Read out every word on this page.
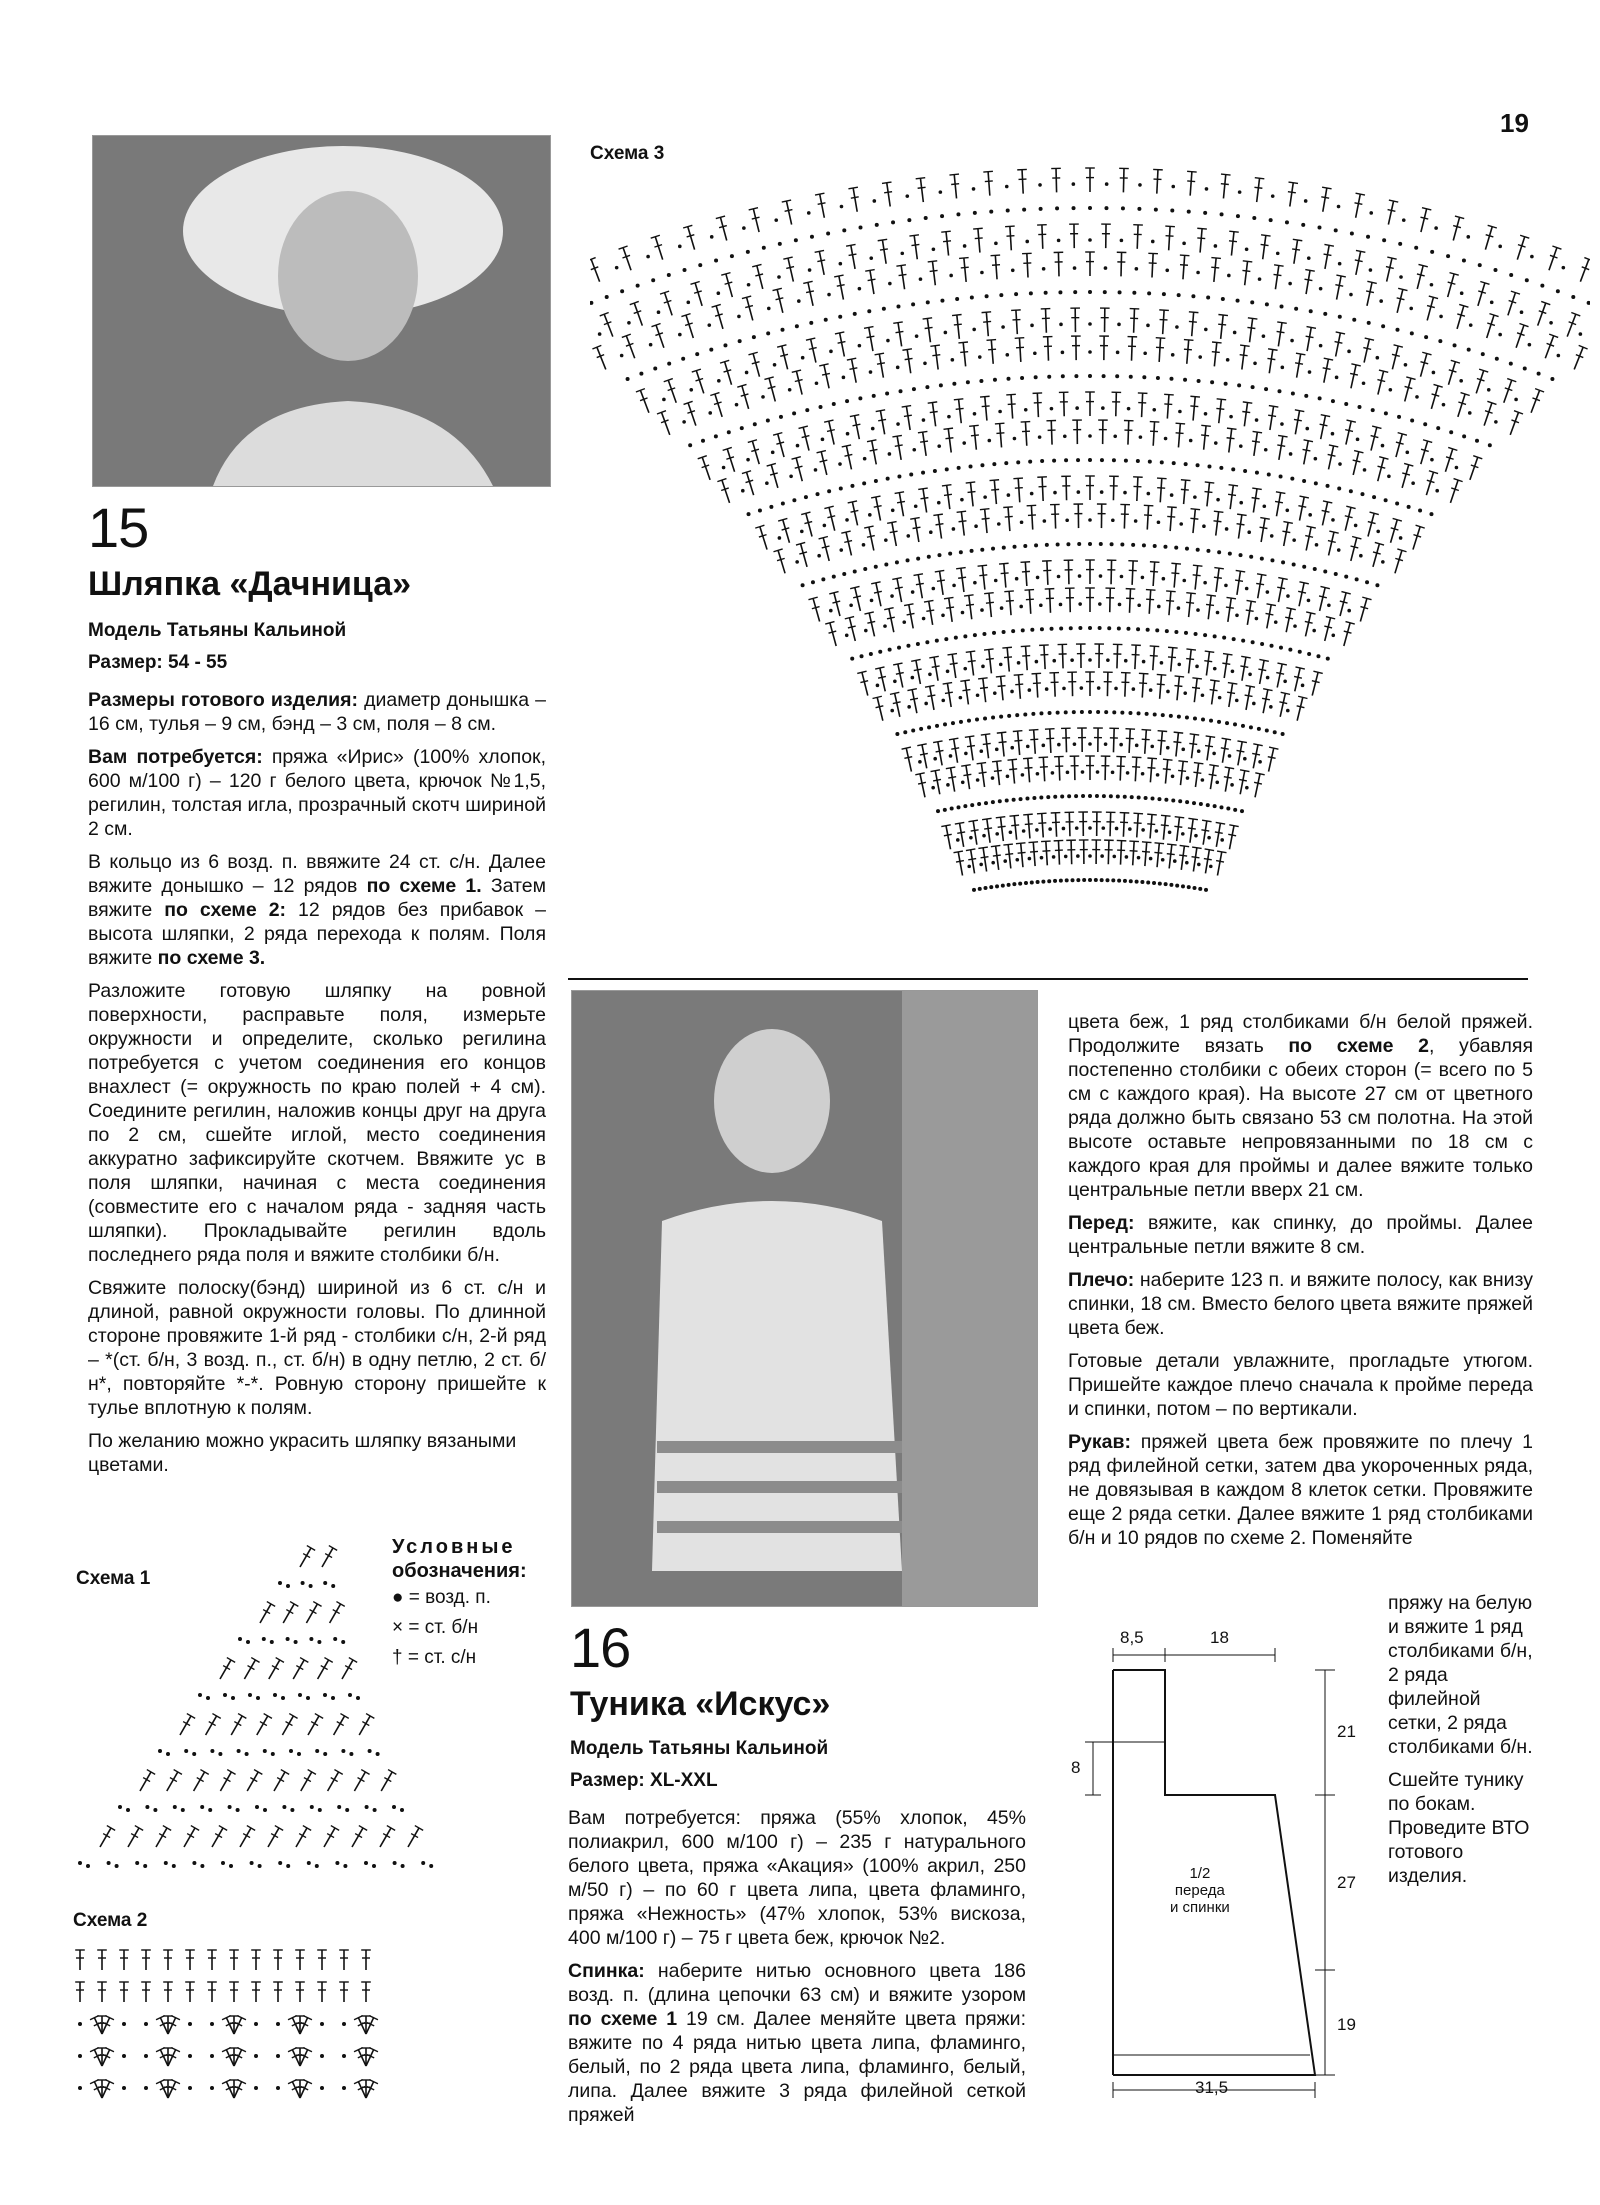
19
Схема 3
15
Шляпка «Дачница»
Модель Татьяны Кальиной
Размер: 54 - 55

Размеры готового изделия: диаметр донышка – 16 см, тулья – 9 см, бэнд – 3 см, поля – 8 см.

Вам потребуется: пряжа «Ирис» (100% хлопок, 600 м/100 г) – 120 г белого цвета, крючок №1,5, регилин, толстая игла, прозрачный скотч шириной 2 см.

В кольцо из 6 возд. п. ввяжите 24 ст. с/н. Далее вяжите донышко – 12 рядов по схеме 1. Затем вяжите по схеме 2: 12 рядов без прибавок – высота шляпки, 2 ряда перехода к полям. Поля вяжите по схеме 3.

Разложите готовую шляпку на ровной поверхности, расправьте поля, измерьте окружности и определите, сколько регилина потребуется с учетом соединения его концов внахлест (= окружность по краю полей + 4 см). Соедините регилин, наложив концы друг на друга по 2 см, сшейте иглой, место соединения аккуратно зафиксируйте скотчем. Ввяжите ус в поля шляпки, начиная с места соединения (совместите его с началом ряда - задняя часть шляпки). Прокладывайте регилин вдоль последнего ряда поля и вяжите столбики б/н.

Свяжите полоску(бэнд) шириной из 6 ст. с/н и длиной, равной окружности головы. По длинной стороне провяжите 1-й ряд - столбики с/н, 2-й ряд – *(ст. б/н, 3 возд. п., ст. б/н) в одну петлю, 2 ст. б/н*, повторяйте *-*. Ровную сторону пришейте к тулье вплотную к полям.

По желанию можно украсить шляпку вязаными цветами.

Схема 1
Условные
обозначения:
● = возд. п.
× = ст. б/н
† = ст. с/н
Схема 2
16
Туника «Искус»
Модель Татьяны Кальиной
Размер: XL-XXL

Вам потребуется: пряжа (55% хлопок, 45% полиакрил, 600 м/100 г) – 235 г натурального белого цвета, пряжа «Акация» (100% акрил, 250 м/50 г) – по 60 г цвета липа, цвета фламинго, пряжа «Нежность» (47% хлопок, 53% вискоза, 400 м/100 г) – 75 г цвета беж, крючок №2.

Спинка: наберите нитью основного цвета 186 возд. п. (длина цепочки 63 см) и вяжите узором по схеме 1 19 см. Далее меняйте цвета пряжи: вяжите по 4 ряда нитью цвета липа, фламинго, белый, по 2 ряда цвета липа, фламинго, белый, липа. Далее вяжите 3 ряда филейной сеткой пряжей

цвета беж, 1 ряд столбиками б/н белой пряжей. Продолжите вязать по схеме 2, убавляя постепенно столбики с обеих сторон (= всего по 5 см с каждого края). На высоте 27 см от цветного ряда должно быть связано 53 см полотна. На этой высоте оставьте непровязанными по 18 см с каждого края для проймы и далее вяжите только центральные петли вверх 21 см.

Перед: вяжите, как спинку, до проймы. Далее центральные петли вяжите 8 см.

Плечо: наберите 123 п. и вяжите полосу, как внизу спинки, 18 см. Вместо белого цвета вяжите пряжей цвета беж.

Готовые детали увлажните, прогладьте утюгом. Пришейте каждое плечо сначала к пройме переда и спинки, потом – по вертикали.

Рукав: пряжей цвета беж провяжите по плечу 1 ряд филейной сетки, затем два укороченных ряда, не довязывая в каждом 8 клеток сетки. Провяжите еще 2 ряда сетки. Далее вяжите 1 ряд столбиками б/н и 10 рядов по схеме 2. Поменяйте

пряжу на белую и вяжите 1 ряд столбиками б/н, 2 ряда филейной сетки, 2 ряда столбиками б/н.

Сшейте тунику по бокам. Проведите ВТО готового изделия.

8,5	18
21
8
27
19
31,5
1/2
переда
и спинки
